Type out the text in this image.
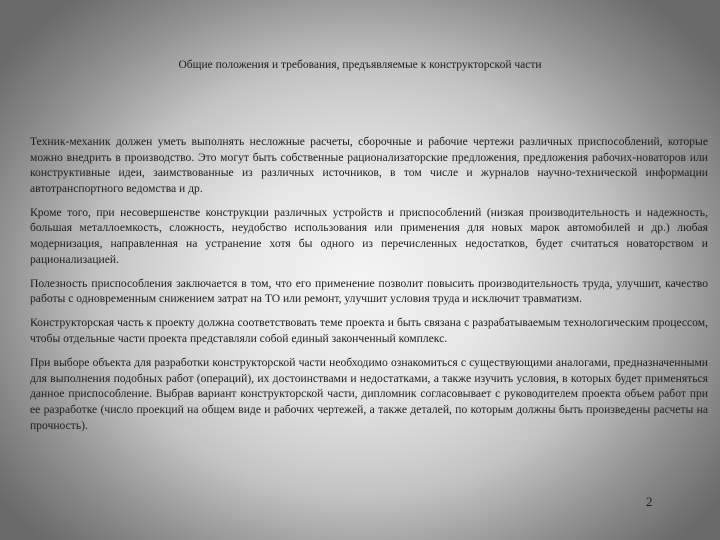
Общие положения и требования, предъявляемые к конструкторской части

Техник-механик должен уметь выполнять несложные расчеты, сборочные и рабочие чертежи различных приспособлений, которые можно внедрить в производство. Это могут быть собственные рационализаторские предложения, предложения рабочих-новаторов или конструктивные идеи, заимствованные из различных источников, в том числе и журналов научно-технической информации автотранспортного ведомства и др.

Кроме того, при несовершенстве конструкции различных устройств и приспособлений (низкая производительность и надежность, большая металлоемкость, сложность, неудобство использования или применения для новых марок автомобилей и др.) любая модернизация, направленная на устранение хотя бы одного из перечисленных недостатков, будет считаться новаторством и рационализацией.

Полезность приспособления заключается в том, что его применение позволит повысить производительность труда, улучшит, качество работы с одновременным снижением затрат на ТО или ремонт, улучшит условия труда и исключит травматизм.

Конструкторская часть к проекту должна соответствовать теме проекта и быть связана с разрабатываемым технологическим процессом, чтобы отдельные части проекта представляли собой единый законченный комплекс.

При выборе объекта для разработки конструкторской части необходимо ознакомиться с существующими аналогами, предназначенными для выполнения подобных работ (операций), их достоинствами и недостатками, а также изучить условия, в которых будет применяться данное приспособление. Выбрав вариант конструкторской части, дипломник согласовывает с руководителем проекта объем работ при ее разработке (число проекций на общем виде и рабочих чертежей, а также деталей, по которым должны быть произведены расчеты на прочность).

2
